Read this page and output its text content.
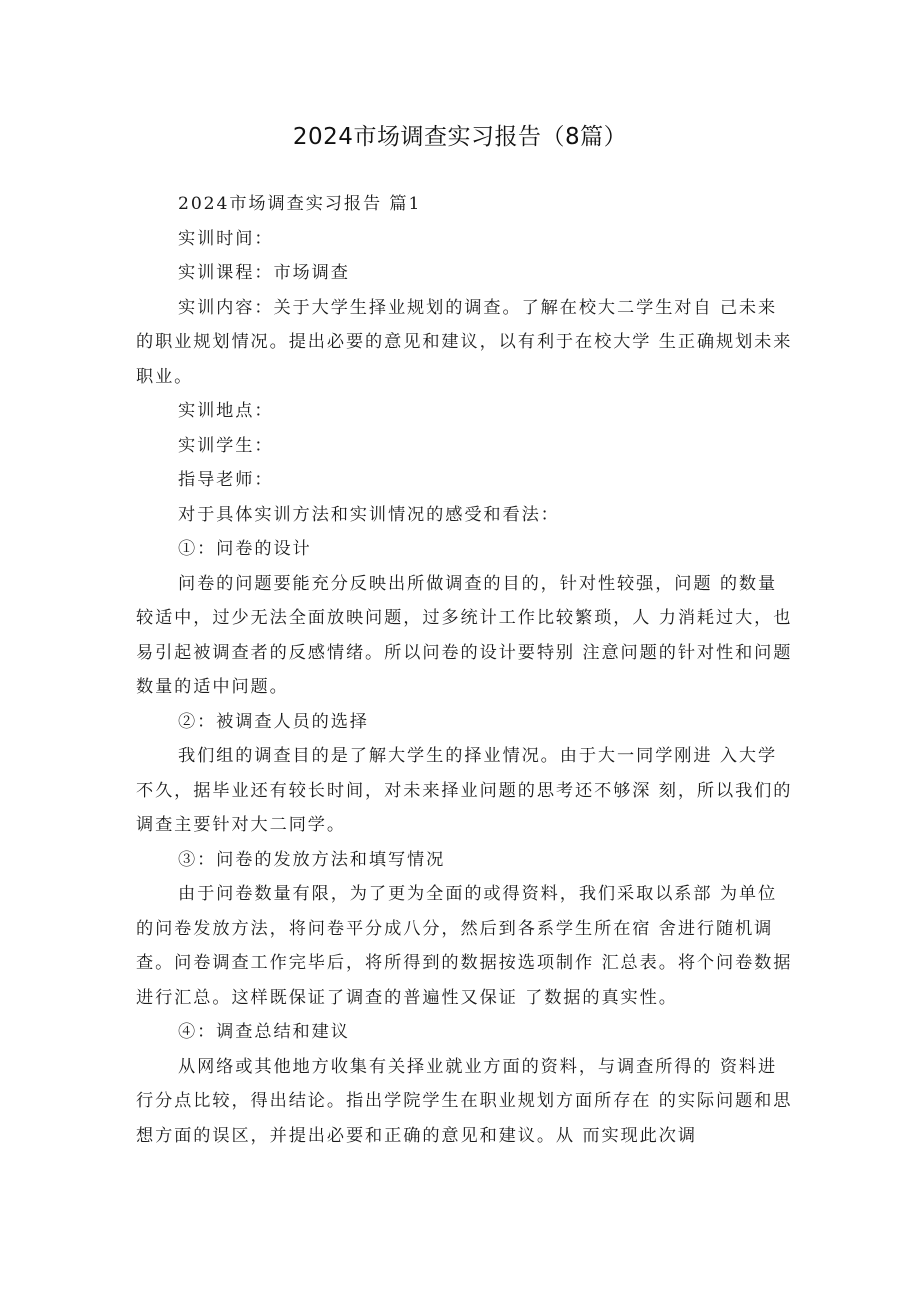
2024市场调查实习报告（8篇）

2024市场调查实习报告 篇1

实训时间：

实训课程：市场调查

实训内容：关于大学生择业规划的调查。了解在校大二学生对自 己未来的职业规划情况。提出必要的意见和建议，以有利于在校大学 生正确规划未来职业。

实训地点：

实训学生：

指导老师：

对于具体实训方法和实训情况的感受和看法：

①：问卷的设计

问卷的问题要能充分反映出所做调查的目的，针对性较强，问题 的数量较适中，过少无法全面放映问题，过多统计工作比较繁琐，人 力消耗过大，也易引起被调查者的反感情绪。所以问卷的设计要特别 注意问题的针对性和问题数量的适中问题。

②：被调查人员的选择

我们组的调查目的是了解大学生的择业情况。由于大一同学刚进 入大学不久，据毕业还有较长时间，对未来择业问题的思考还不够深 刻，所以我们的调查主要针对大二同学。

③：问卷的发放方法和填写情况

由于问卷数量有限，为了更为全面的或得资料，我们采取以系部 为单位的问卷发放方法，将问卷平分成八分，然后到各系学生所在宿 舍进行随机调查。问卷调查工作完毕后，将所得到的数据按选项制作 汇总表。将个问卷数据进行汇总。这样既保证了调查的普遍性又保证 了数据的真实性。

④：调查总结和建议

从网络或其他地方收集有关择业就业方面的资料，与调查所得的 资料进行分点比较，得出结论。指出学院学生在职业规划方面所存在 的实际问题和思想方面的误区，并提出必要和正确的意见和建议。从 而实现此次调
